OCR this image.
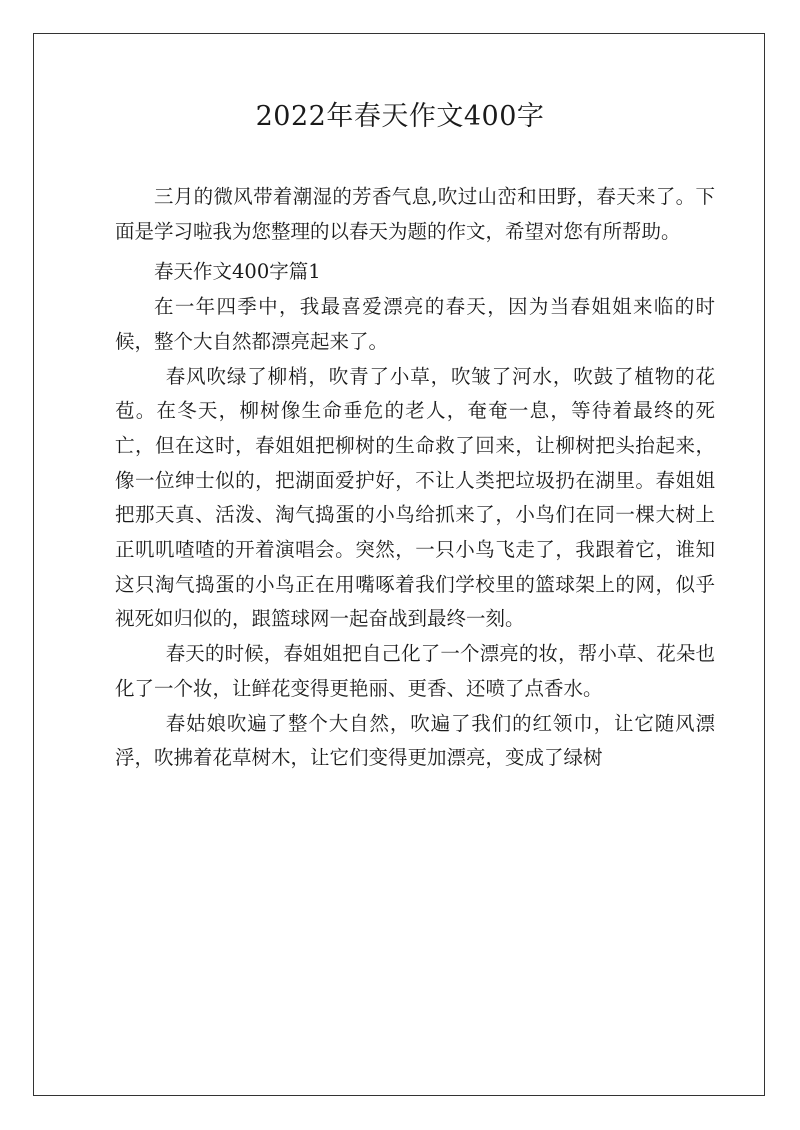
2022年春天作文400字

三月的微风带着潮湿的芳香气息,吹过山峦和田野，春天来了。下面是学习啦我为您整理的以春天为题的作文，希望对您有所帮助。

春天作文400字篇1

在一年四季中，我最喜爱漂亮的春天，因为当春姐姐来临的时候，整个大自然都漂亮起来了。

春风吹绿了柳梢，吹青了小草，吹皱了河水，吹鼓了植物的花苞。在冬天，柳树像生命垂危的老人，奄奄一息，等待着最终的死亡，但在这时，春姐姐把柳树的生命救了回来，让柳树把头抬起来，像一位绅士似的，把湖面爱护好，不让人类把垃圾扔在湖里。春姐姐把那天真、活泼、淘气捣蛋的小鸟给抓来了，小鸟们在同一棵大树上正叽叽喳喳的开着演唱会。突然，一只小鸟飞走了，我跟着它，谁知这只淘气捣蛋的小鸟正在用嘴啄着我们学校里的篮球架上的网，似乎视死如归似的，跟篮球网一起奋战到最终一刻。

春天的时候，春姐姐把自己化了一个漂亮的妆，帮小草、花朵也化了一个妆，让鲜花变得更艳丽、更香、还喷了点香水。

春姑娘吹遍了整个大自然，吹遍了我们的红领巾，让它随风漂浮，吹拂着花草树木，让它们变得更加漂亮，变成了绿树
